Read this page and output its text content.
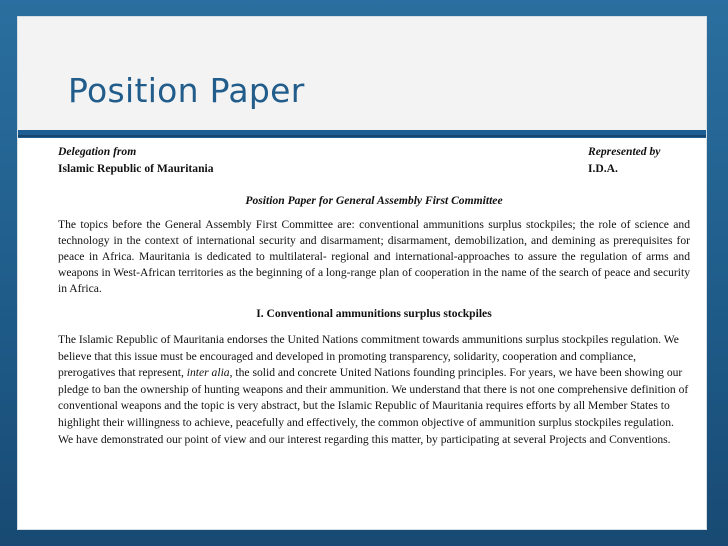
Position Paper
Delegation from
Islamic Republic of Mauritania
Represented by
I.D.A.
Position Paper for General Assembly First Committee
The topics before the General Assembly First Committee are: conventional ammunitions surplus stockpiles; the role of science and technology in the context of international security and disarmament; disarmament, demobilization, and demining as prerequisites for peace in Africa. Mauritania is dedicated to multilateral- regional and international-approaches to assure the regulation of arms and weapons in West-African territories as the beginning of a long-range plan of cooperation in the name of the search of peace and security in Africa.
I. Conventional ammunitions surplus stockpiles
The Islamic Republic of Mauritania endorses the United Nations commitment towards ammunitions surplus stockpiles regulation. We believe that this issue must be encouraged and developed in promoting transparency, solidarity, cooperation and compliance, prerogatives that represent, inter alia, the solid and concrete United Nations founding principles. For years, we have been showing our pledge to ban the ownership of hunting weapons and their ammunition. We understand that there is not one comprehensive definition of conventional weapons and the topic is very abstract, but the Islamic Republic of Mauritania requires efforts by all Member States to highlight their willingness to achieve, peacefully and effectively, the common objective of ammunition surplus stockpiles regulation. We have demonstrated our point of view and our interest regarding this matter, by participating at several Projects and Conventions.
